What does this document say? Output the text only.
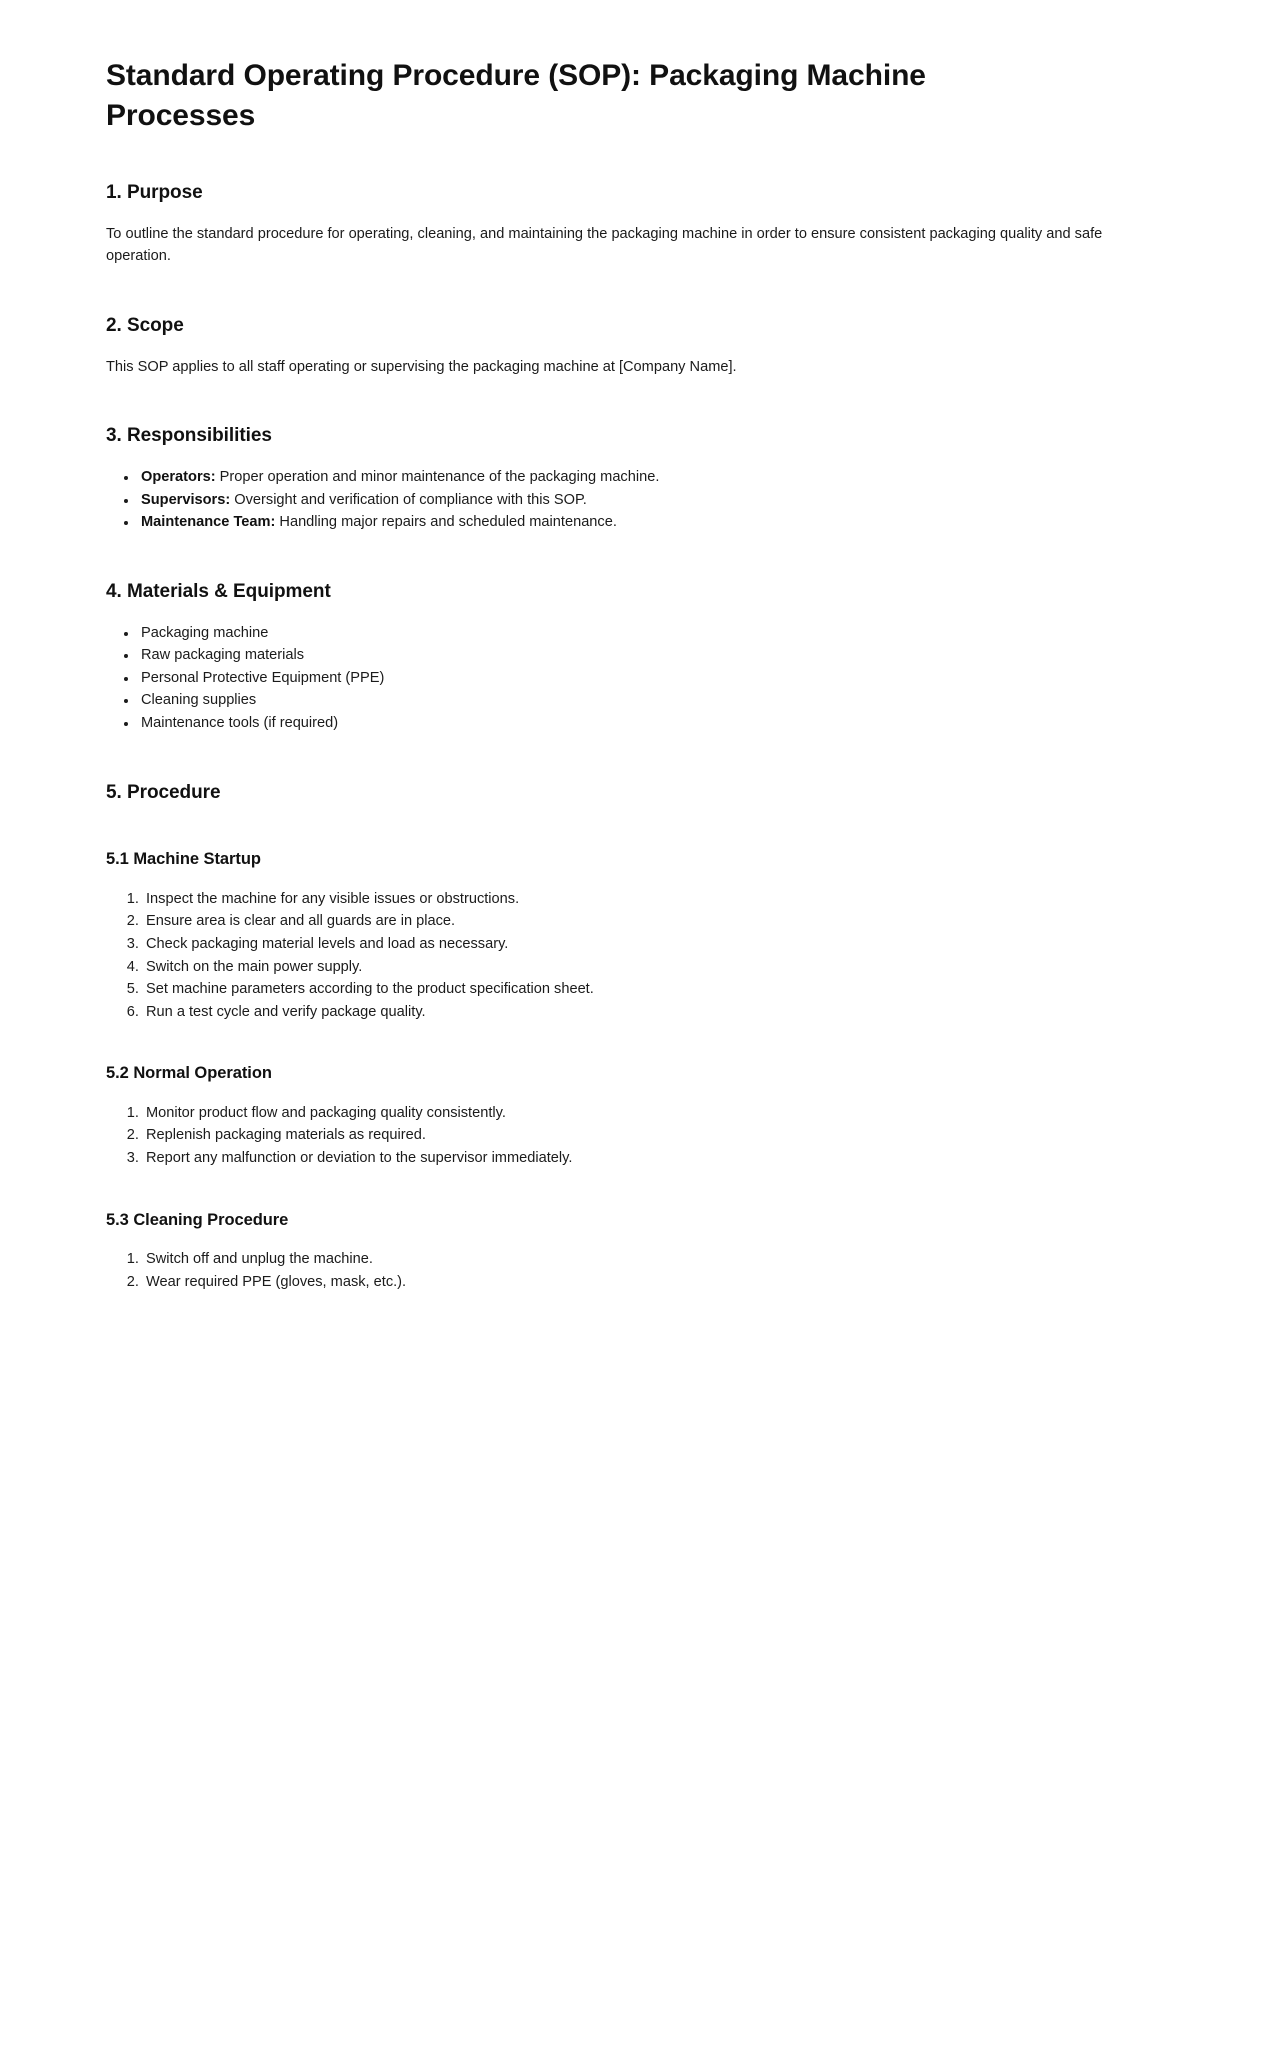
Standard Operating Procedure (SOP): Packaging Machine Processes
1. Purpose

To outline the standard procedure for operating, cleaning, and maintaining the packaging machine in order to ensure consistent packaging quality and safe operation.

2. Scope

This SOP applies to all staff operating or supervising the packaging machine at [Company Name].

3. Responsibilities
• Operators: Proper operation and minor maintenance of the packaging machine.
• Supervisors: Oversight and verification of compliance with this SOP.
• Maintenance Team: Handling major repairs and scheduled maintenance.
4. Materials & Equipment
• Packaging machine
• Raw packaging materials
• Personal Protective Equipment (PPE)
• Cleaning supplies
• Maintenance tools (if required)
5. Procedure
5.1 Machine Startup
1. Inspect the machine for any visible issues or obstructions.
2. Ensure area is clear and all guards are in place.
3. Check packaging material levels and load as necessary.
4. Switch on the main power supply.
5. Set machine parameters according to the product specification sheet.
6. Run a test cycle and verify package quality.
5.2 Normal Operation
1. Monitor product flow and packaging quality consistently.
2. Replenish packaging materials as required.
3. Report any malfunction or deviation to the supervisor immediately.
5.3 Cleaning Procedure
1. Switch off and unplug the machine.
2. Wear required PPE (gloves, mask, etc.).
